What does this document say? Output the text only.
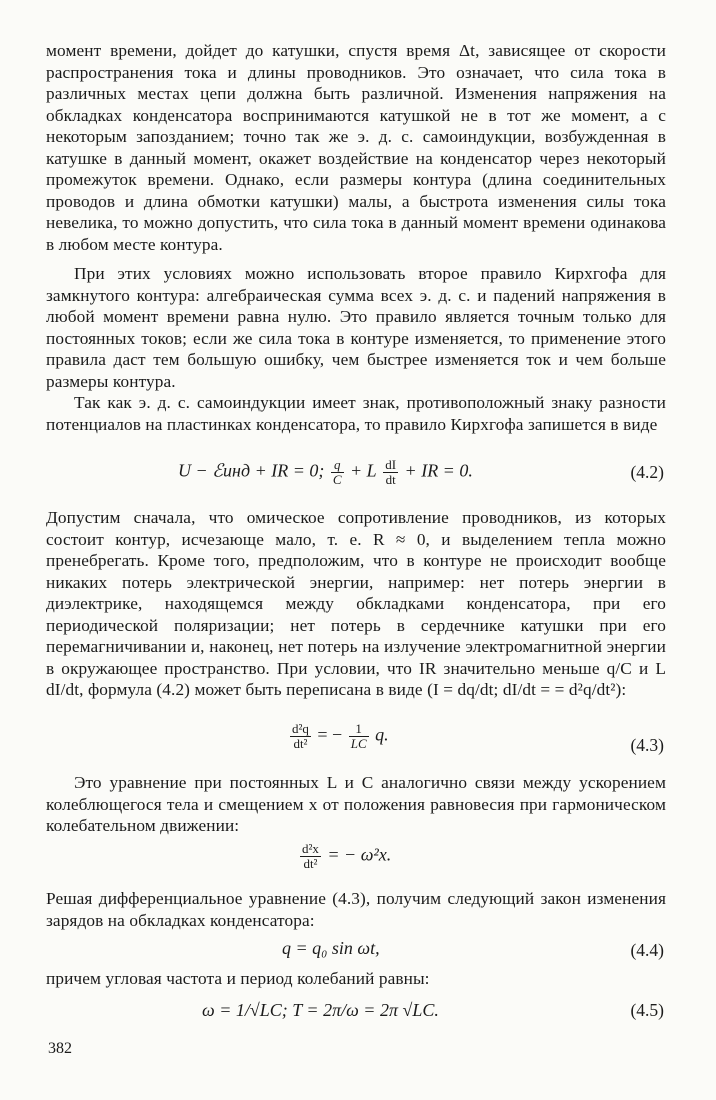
момент времени, дойдет до катушки, спустя время Δt, зависящее от скорости распространения тока и длины проводников. Это означает, что сила тока в различных местах цепи должна быть различной. Изменения напряжения на обкладках конденсатора воспринимаются катушкой не в тот же момент, а с некоторым запозданием; точно так же э. д. с. самоиндукции, возбужденная в катушке в данный момент, окажет воздействие на конденсатор через некоторый промежуток времени. Однако, если размеры контура (длина соединительных проводов и длина обмотки катушки) малы, а быстрота изменения силы тока невелика, то можно допустить, что сила тока в данный момент времени одинакова в любом месте контура.

При этих условиях можно использовать второе правило Кирхгофа для замкнутого контура: алгебраическая сумма всех э. д. с. и падений напряжения в любой момент времени равна нулю. Это правило является точным только для постоянных токов; если же сила тока в контуре изменяется, то применение этого правила даст тем большую ошибку, чем быстрее изменяется ток и чем больше размеры контура.

Так как э. д. с. самоиндукции имеет знак, противоположный знаку разности потенциалов на пластинках конденсатора, то правило Кирхгофа запишется в виде

U − ℰинд + IR = 0; $\frac{q}{C} + L \frac{dI}{dt}$ + IR = 0.	(4.2)

Допустим сначала, что омическое сопротивление проводников, из которых состоит контур, исчезающе мало, т. е. R ≈ 0, и выделением тепла можно пренебрегать. Кроме того, предположим, что в контуре не происходит вообще никаких потерь электрической энергии, например: нет потерь энергии в диэлектрике, находящемся между обкладками конденсатора, при его периодической поляризации; нет потерь в сердечнике катушки при его перемагничивании и, наконец, нет потерь на излучение электромагнитной энергии в окружающее пространство. При условии, что IR значительно меньше q/C и L dI/dt, формула (4.2) может быть переписана в виде (I = dq/dt; dI/dt = = d²q/dt²):

$\frac{\text{d²q}}{\text{dt²}}$ = − $\frac{1}{LC} q$.
(4.3)

Это уравнение при постоянных L и C аналогично связи между ускорением колеблющегося тела и смещением x от положения равновесия при гармоническом колебательном движении:

$\frac{\text{d²x}}{\text{dt²}}$ = − ω²x.

Решая дифференциальное уравнение (4.3), получим следующий закон изменения зарядов на обкладках конденсатора:

q = q₀ sin ωt,	(4.4)

причем угловая частота и период колебаний равны:

ω = 1/√LC; T = 2π/ω = 2π √LC.	(4.5)
382
